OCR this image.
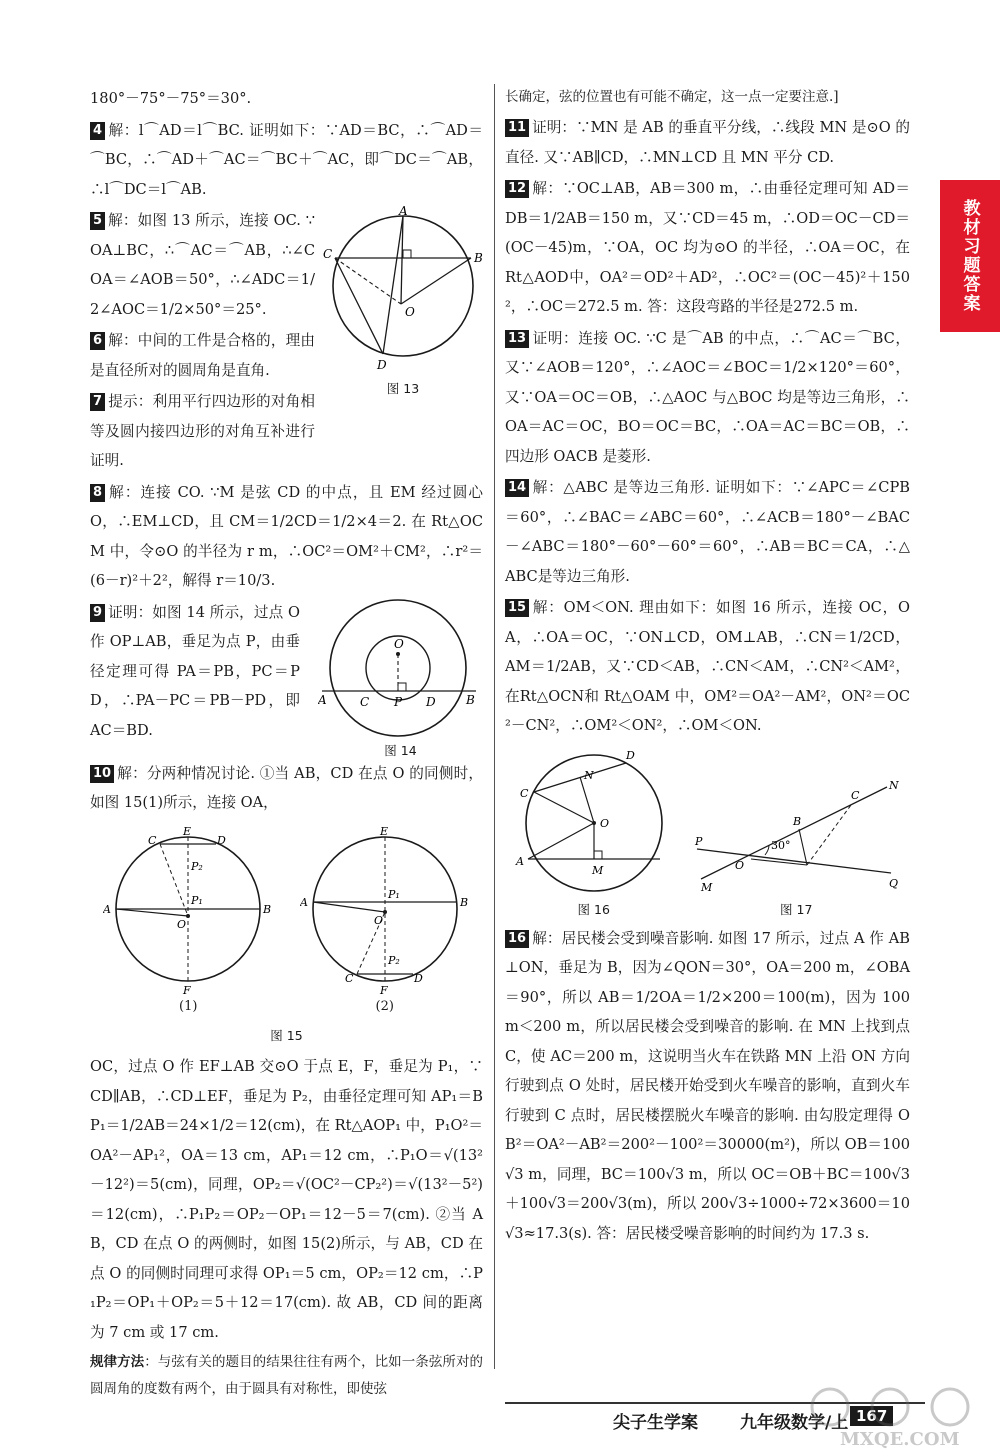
180°－75°－75°＝30°.

4 解：l⌒AD＝l⌒BC. 证明如下：∵AD＝BC，∴⌒AD＝⌒BC，∴⌒AD＋⌒AC＝⌒BC＋⌒AC，即⌒DC＝⌒AB，∴l⌒DC＝l⌒AB.

A
B
C
D
O
图 13

5 解：如图 13 所示，连接 OC. ∵OA⊥BC，∴⌒AC＝⌒AB，∴∠COA＝∠AOB＝50°，∴∠ADC＝1/2∠AOC＝1/2×50°＝25°.

6 解：中间的工件是合格的，理由是直径所对的圆周角是直角.

7 提示：利用平行四边形的对角相等及圆内接四边形的对角互补进行证明.

8 解：连接 CO. ∵M 是弦 CD 的中点，且 EM 经过圆心 O，∴EM⊥CD，且 CM＝1/2CD＝1/2×4＝2. 在 Rt△OCM 中，令⊙O 的半径为 r m，∴OC²＝OM²＋CM²，∴r²＝(6－r)²＋2²，解得 r＝10/3.

O
A	B
C P D
图 14

9 证明：如图 14 所示，过点 O 作 OP⊥AB，垂足为点 P，由垂径定理可得 PA＝PB，PC＝PD，∴PA－PC＝PB－PD，即 AC＝BD.

10 解：分两种情况讨论. ①当 AB，CD 在点 O 的同侧时，如图 15(1)所示，连接 OA，

E
C	D
P₂
P₁
A	B
O
F
(1)
E
P₁
A	B
O
P₂
C	D
F
(2)
图 15

OC，过点 O 作 EF⊥AB 交⊙O 于点 E，F，垂足为 P₁，∵CD∥AB，∴CD⊥EF，垂足为 P₂，由垂径定理可知 AP₁＝BP₁＝1/2AB＝24×1/2＝12(cm)，在 Rt△AOP₁ 中，P₁O²＝OA²－AP₁²，OA＝13 cm，AP₁＝12 cm，∴P₁O＝√(13²－12²)＝5(cm)，同理，OP₂＝√(OC²－CP₂²)＝√(13²－5²)＝12(cm)，∴P₁P₂＝OP₂－OP₁＝12－5＝7(cm). ②当 AB，CD 在点 O 的两侧时，如图 15(2)所示，与 AB，CD 在点 O 的同侧时同理可求得 OP₁＝5 cm，OP₂＝12 cm，∴P₁P₂＝OP₁＋OP₂＝5＋12＝17(cm). 故 AB，CD 间的距离为 7 cm 或 17 cm.

规律方法：与弦有关的题目的结果往往有两个，比如一条弦所对的圆周角的度数有两个，由于圆具有对称性，即使弦

长确定，弦的位置也有可能不确定，这一点一定要注意.]

11 证明：∵MN 是 AB 的垂直平分线，∴线段 MN 是⊙O 的直径. 又∵AB∥CD，∴MN⊥CD 且 MN 平分 CD.

12 解：∵OC⊥AB，AB＝300 m，∴由垂径定理可知 AD＝DB＝1/2AB＝150 m，又∵CD＝45 m，∴OD＝OC－CD＝(OC－45)m，∵OA，OC 均为⊙O 的半径，∴OA＝OC，在Rt△AOD中，OA²＝OD²＋AD²，∴OC²＝(OC－45)²＋150²，∴OC＝272.5 m. 答：这段弯路的半径是272.5 m.

13 证明：连接 OC. ∵C 是⌒AB 的中点，∴⌒AC＝⌒BC，又∵∠AOB＝120°，∴∠AOC＝∠BOC＝1/2×120°＝60°，又∵OA＝OC＝OB，∴△AOC 与△BOC 均是等边三角形，∴OA＝AC＝OC，BO＝OC＝BC，∴OA＝AC＝BC＝OB，∴四边形 OACB 是菱形.

14 解：△ABC 是等边三角形. 证明如下：∵∠APC＝∠CPB＝60°，∴∠BAC＝∠ABC＝60°，∴∠ACB＝180°－∠BAC－∠ABC＝180°－60°－60°＝60°，∴AB＝BC＝CA，∴△ABC是等边三角形.

15 解：OM＜ON. 理由如下：如图 16 所示，连接 OC，OA，∴OA＝OC，∵ON⊥CD，OM⊥AB，∴CN＝1/2CD，AM＝1/2AB，又∵CD＜AB，∴CN＜AM，∴CN²＜AM²，在Rt△OCN和 Rt△OAM 中，OM²＝OA²－AM²，ON²＝OC²－CN²，∴OM²＜ON²，∴OM＜ON.

D
N
C
O
A
M
图 16
P
O
30°
B
C
N
M	Q
图 17

16 解：居民楼会受到噪音影响. 如图 17 所示，过点 A 作 AB⊥ON，垂足为 B，因为∠QON＝30°，OA＝200 m，∠OBA＝90°，所以 AB＝1/2OA＝1/2×200＝100(m)，因为 100 m＜200 m，所以居民楼会受到噪音的影响. 在 MN 上找到点 C，使 AC＝200 m，这说明当火车在铁路 MN 上沿 ON 方向行驶到点 O 处时，居民楼开始受到火车噪音的影响，直到火车行驶到 C 点时，居民楼摆脱火车噪音的影响. 由勾股定理得 OB²＝OA²－AB²＝200²－100²＝30000(m²)，所以 OB＝100√3 m，同理，BC＝100√3 m，所以 OC＝OB＋BC＝100√3＋100√3＝200√3(m)，所以 200√3÷1000÷72×3600＝10√3≈17.3(s). 答：居民楼受噪音影响的时间约为 17.3 s.

教材习题答案
尖子生学案 九年级数学/上 167
MXQE.COM
